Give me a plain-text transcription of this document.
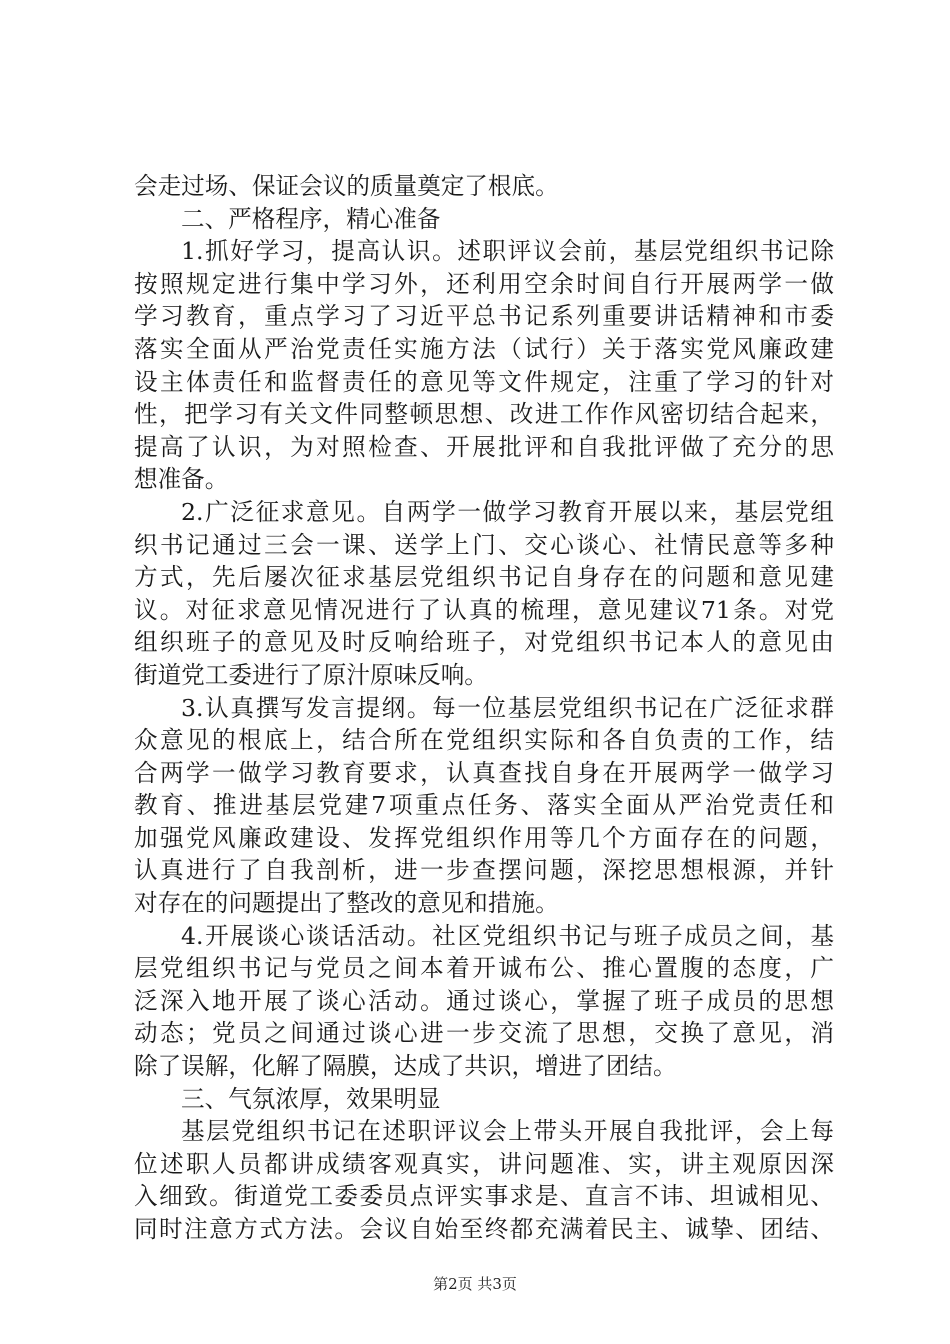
会走过场、保证会议的质量奠定了根底。
二、严格程序，精心准备
1.抓好学习，提高认识。述职评议会前，基层党组织书记除
按照规定进行集中学习外，还利用空余时间自行开展两学一做
学习教育，重点学习了习近平总书记系列重要讲话精神和市委
落实全面从严治党责任实施方法（试行）关于落实党风廉政建
设主体责任和监督责任的意见等文件规定，注重了学习的针对
性，把学习有关文件同整顿思想、改进工作作风密切结合起来，
提高了认识，为对照检查、开展批评和自我批评做了充分的思
想准备。
2.广泛征求意见。自两学一做学习教育开展以来，基层党组
织书记通过三会一课、送学上门、交心谈心、社情民意等多种
方式，先后屡次征求基层党组织书记自身存在的问题和意见建
议。对征求意见情况进行了认真的梳理，意见建议71条。对党
组织班子的意见及时反响给班子，对党组织书记本人的意见由
街道党工委进行了原汁原味反响。
3.认真撰写发言提纲。每一位基层党组织书记在广泛征求群
众意见的根底上，结合所在党组织实际和各自负责的工作，结
合两学一做学习教育要求，认真查找自身在开展两学一做学习
教育、推进基层党建7项重点任务、落实全面从严治党责任和
加强党风廉政建设、发挥党组织作用等几个方面存在的问题，
认真进行了自我剖析，进一步查摆问题，深挖思想根源，并针
对存在的问题提出了整改的意见和措施。
4.开展谈心谈话活动。社区党组织书记与班子成员之间，基
层党组织书记与党员之间本着开诚布公、推心置腹的态度，广
泛深入地开展了谈心活动。通过谈心，掌握了班子成员的思想
动态；党员之间通过谈心进一步交流了思想，交换了意见，消
除了误解，化解了隔膜，达成了共识，增进了团结。
三、气氛浓厚，效果明显
基层党组织书记在述职评议会上带头开展自我批评，会上每
位述职人员都讲成绩客观真实，讲问题准、实，讲主观原因深
入细致。街道党工委委员点评实事求是、直言不讳、坦诚相见、
同时注意方式方法。会议自始至终都充满着民主、诚挚、团结、
第2页 共3页
